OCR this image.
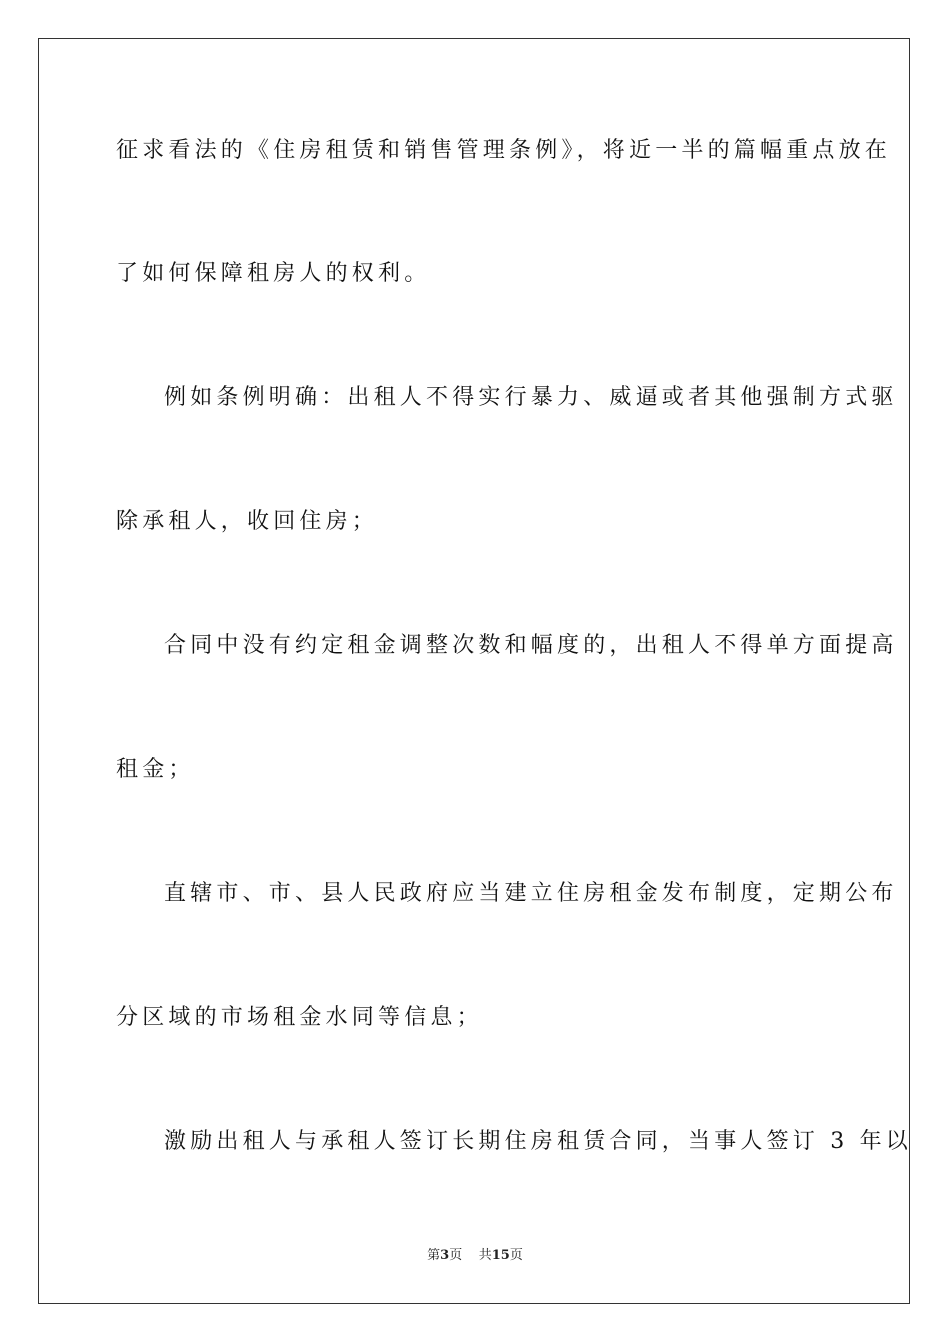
征求看法的《住房租赁和销售管理条例》，将近一半的篇幅重点放在
了如何保障租房人的权利。
例如条例明确：出租人不得实行暴力、威逼或者其他强制方式驱
除承租人，收回住房；
合同中没有约定租金调整次数和幅度的，出租人不得单方面提高
租金；
直辖市、市、县人民政府应当建立住房租金发布制度，定期公布
分区域的市场租金水同等信息；
激励出租人与承租人签订长期住房租赁合同，当事人签订 3 年以
第3页 共15页
